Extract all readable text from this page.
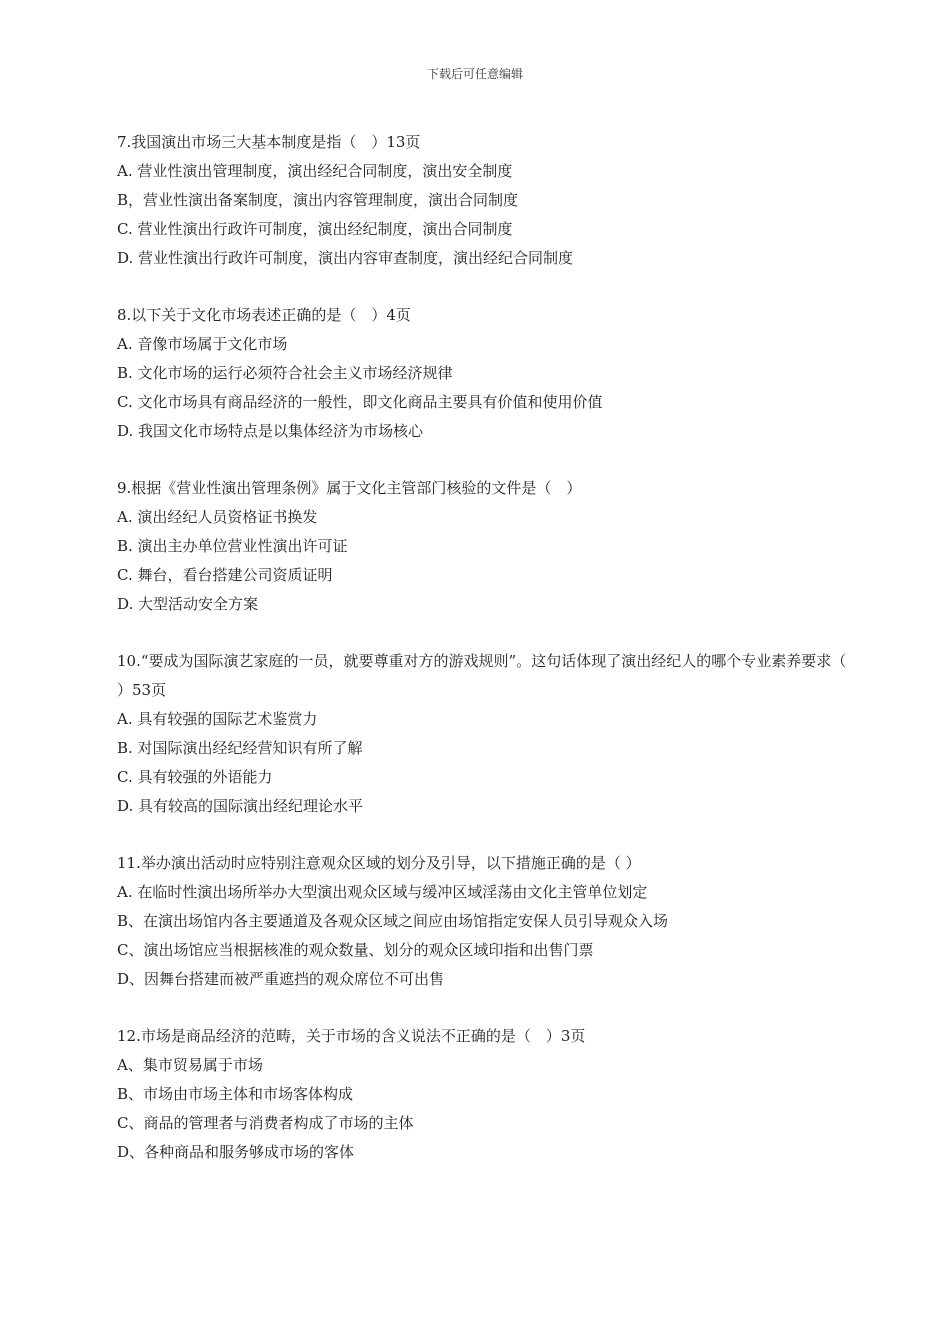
下载后可任意编辑
7.我国演出市场三大基本制度是指（　）13页
A. 营业性演出管理制度，演出经纪合同制度，演出安全制度
B，营业性演出备案制度，演出内容管理制度，演出合同制度
C. 营业性演出行政许可制度，演出经纪制度，演出合同制度
D. 营业性演出行政许可制度，演出内容审查制度，演出经纪合同制度
8.以下关于文化市场表述正确的是（　）4页
A. 音像市场属于文化市场
B. 文化市场的运行必须符合社会主义市场经济规律
C. 文化市场具有商品经济的一般性，即文化商品主要具有价值和使用价值
D. 我国文化市场特点是以集体经济为市场核心
9.根据《营业性演出管理条例》属于文化主管部门核验的文件是（　）
A. 演出经纪人员资格证书换发
B. 演出主办单位营业性演出许可证
C. 舞台，看台搭建公司资质证明
D. 大型活动安全方案
10.“要成为国际演艺家庭的一员，就要尊重对方的游戏规则”。这句话体现了演出经纪人的哪个专业素养要求（ ）53页
A. 具有较强的国际艺术鉴赏力
B. 对国际演出经纪经营知识有所了解
C. 具有较强的外语能力
D. 具有较高的国际演出经纪理论水平
11.举办演出活动时应特别注意观众区域的划分及引导，以下措施正确的是（ ）
A. 在临时性演出场所举办大型演出观众区域与缓冲区域淫荡由文化主管单位划定
B、在演出场馆内各主要通道及各观众区域之间应由场馆指定安保人员引导观众入场
C、演出场馆应当根据核准的观众数量、划分的观众区域印指和出售门票
D、因舞台搭建而被严重遮挡的观众席位不可出售
12.市场是商品经济的范畴，关于市场的含义说法不正确的是（　）3页
A、集市贸易属于市场
B、市场由市场主体和市场客体构成
C、商品的管理者与消费者构成了市场的主体
D、各种商品和服务够成市场的客体
